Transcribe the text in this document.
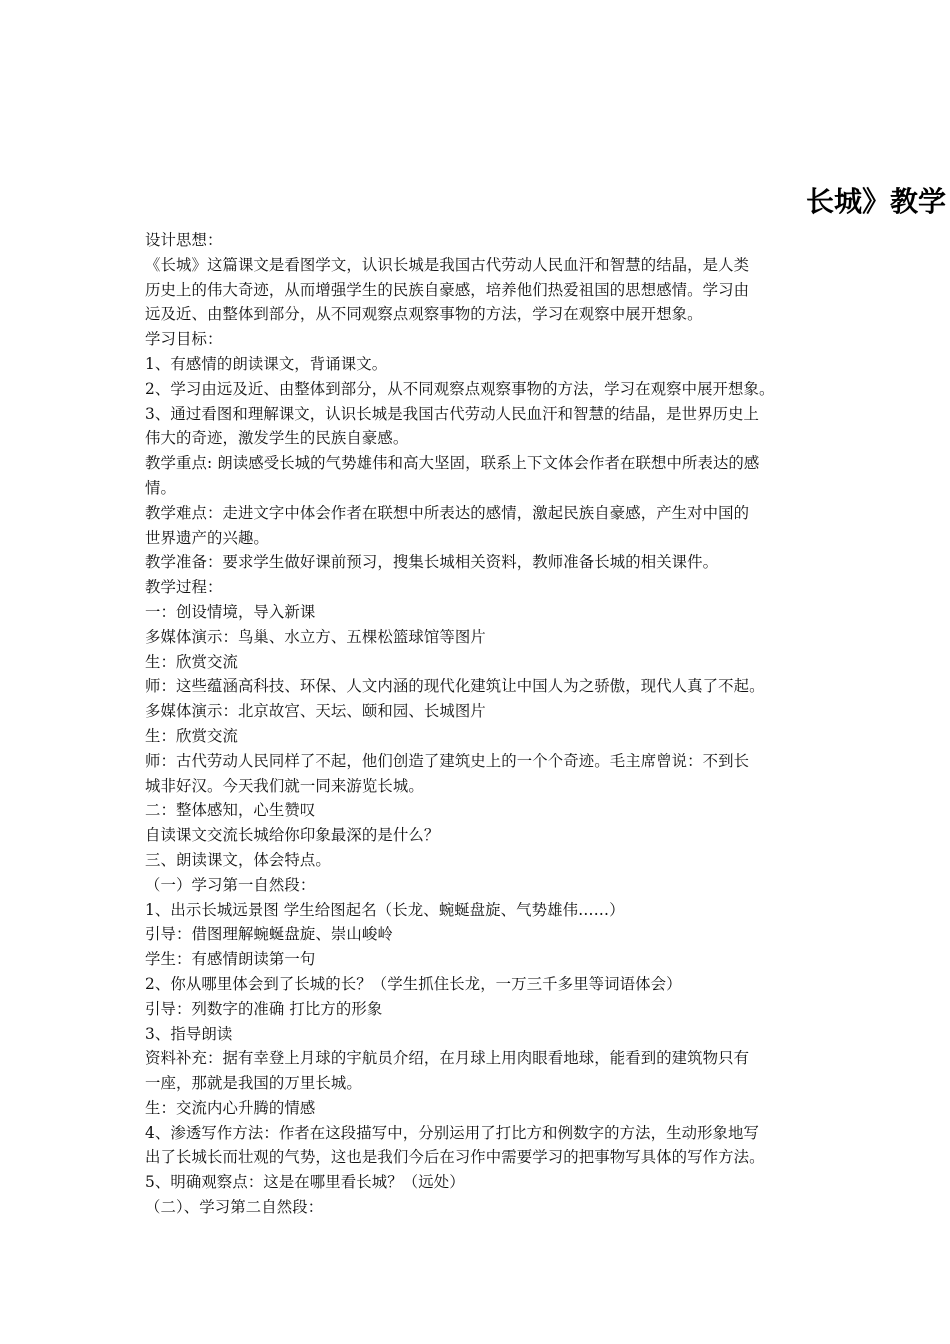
长城》教学
设计思想：
《长城》这篇课文是看图学文，认识长城是我国古代劳动人民血汗和智慧的结晶，是人类
历史上的伟大奇迹，从而增强学生的民族自豪感，培养他们热爱祖国的思想感情。学习由
远及近、由整体到部分，从不同观察点观察事物的方法，学习在观察中展开想象。
学习目标：
1、有感情的朗读课文，背诵课文。
2、学习由远及近、由整体到部分，从不同观察点观察事物的方法，学习在观察中展开想象。
3、通过看图和理解课文，认识长城是我国古代劳动人民血汗和智慧的结晶，是世界历史上
伟大的奇迹，激发学生的民族自豪感。
教学重点: 朗读感受长城的气势雄伟和高大坚固，联系上下文体会作者在联想中所表达的感
情。
教学难点：走进文字中体会作者在联想中所表达的感情，激起民族自豪感，产生对中国的
世界遗产的兴趣。
教学准备：要求学生做好课前预习，搜集长城相关资料，教师准备长城的相关课件。
教学过程：
一：创设情境，导入新课
多媒体演示：鸟巢、水立方、五棵松篮球馆等图片
生：欣赏交流
师：这些蕴涵高科技、环保、人文内涵的现代化建筑让中国人为之骄傲，现代人真了不起。
多媒体演示：北京故宫、天坛、颐和园、长城图片
生：欣赏交流
师：古代劳动人民同样了不起，他们创造了建筑史上的一个个奇迹。毛主席曾说：不到长
城非好汉。今天我们就一同来游览长城。
二：整体感知，心生赞叹
自读课文交流长城给你印象最深的是什么？
三、朗读课文，体会特点。
（一）学习第一自然段：
1、出示长城远景图 学生给图起名（长龙、蜿蜒盘旋、气势雄伟……）
引导：借图理解蜿蜒盘旋、崇山峻岭
学生：有感情朗读第一句
2、你从哪里体会到了长城的长？（学生抓住长龙，一万三千多里等词语体会）
引导：列数字的准确 打比方的形象
3、指导朗读
资料补充：据有幸登上月球的宇航员介绍，在月球上用肉眼看地球，能看到的建筑物只有
一座，那就是我国的万里长城。
生：交流内心升腾的情感
4、渗透写作方法：作者在这段描写中，分别运用了打比方和例数字的方法，生动形象地写
出了长城长而壮观的气势，这也是我们今后在习作中需要学习的把事物写具体的写作方法。
5、明确观察点：这是在哪里看长城？（远处）
（二）、学习第二自然段：
